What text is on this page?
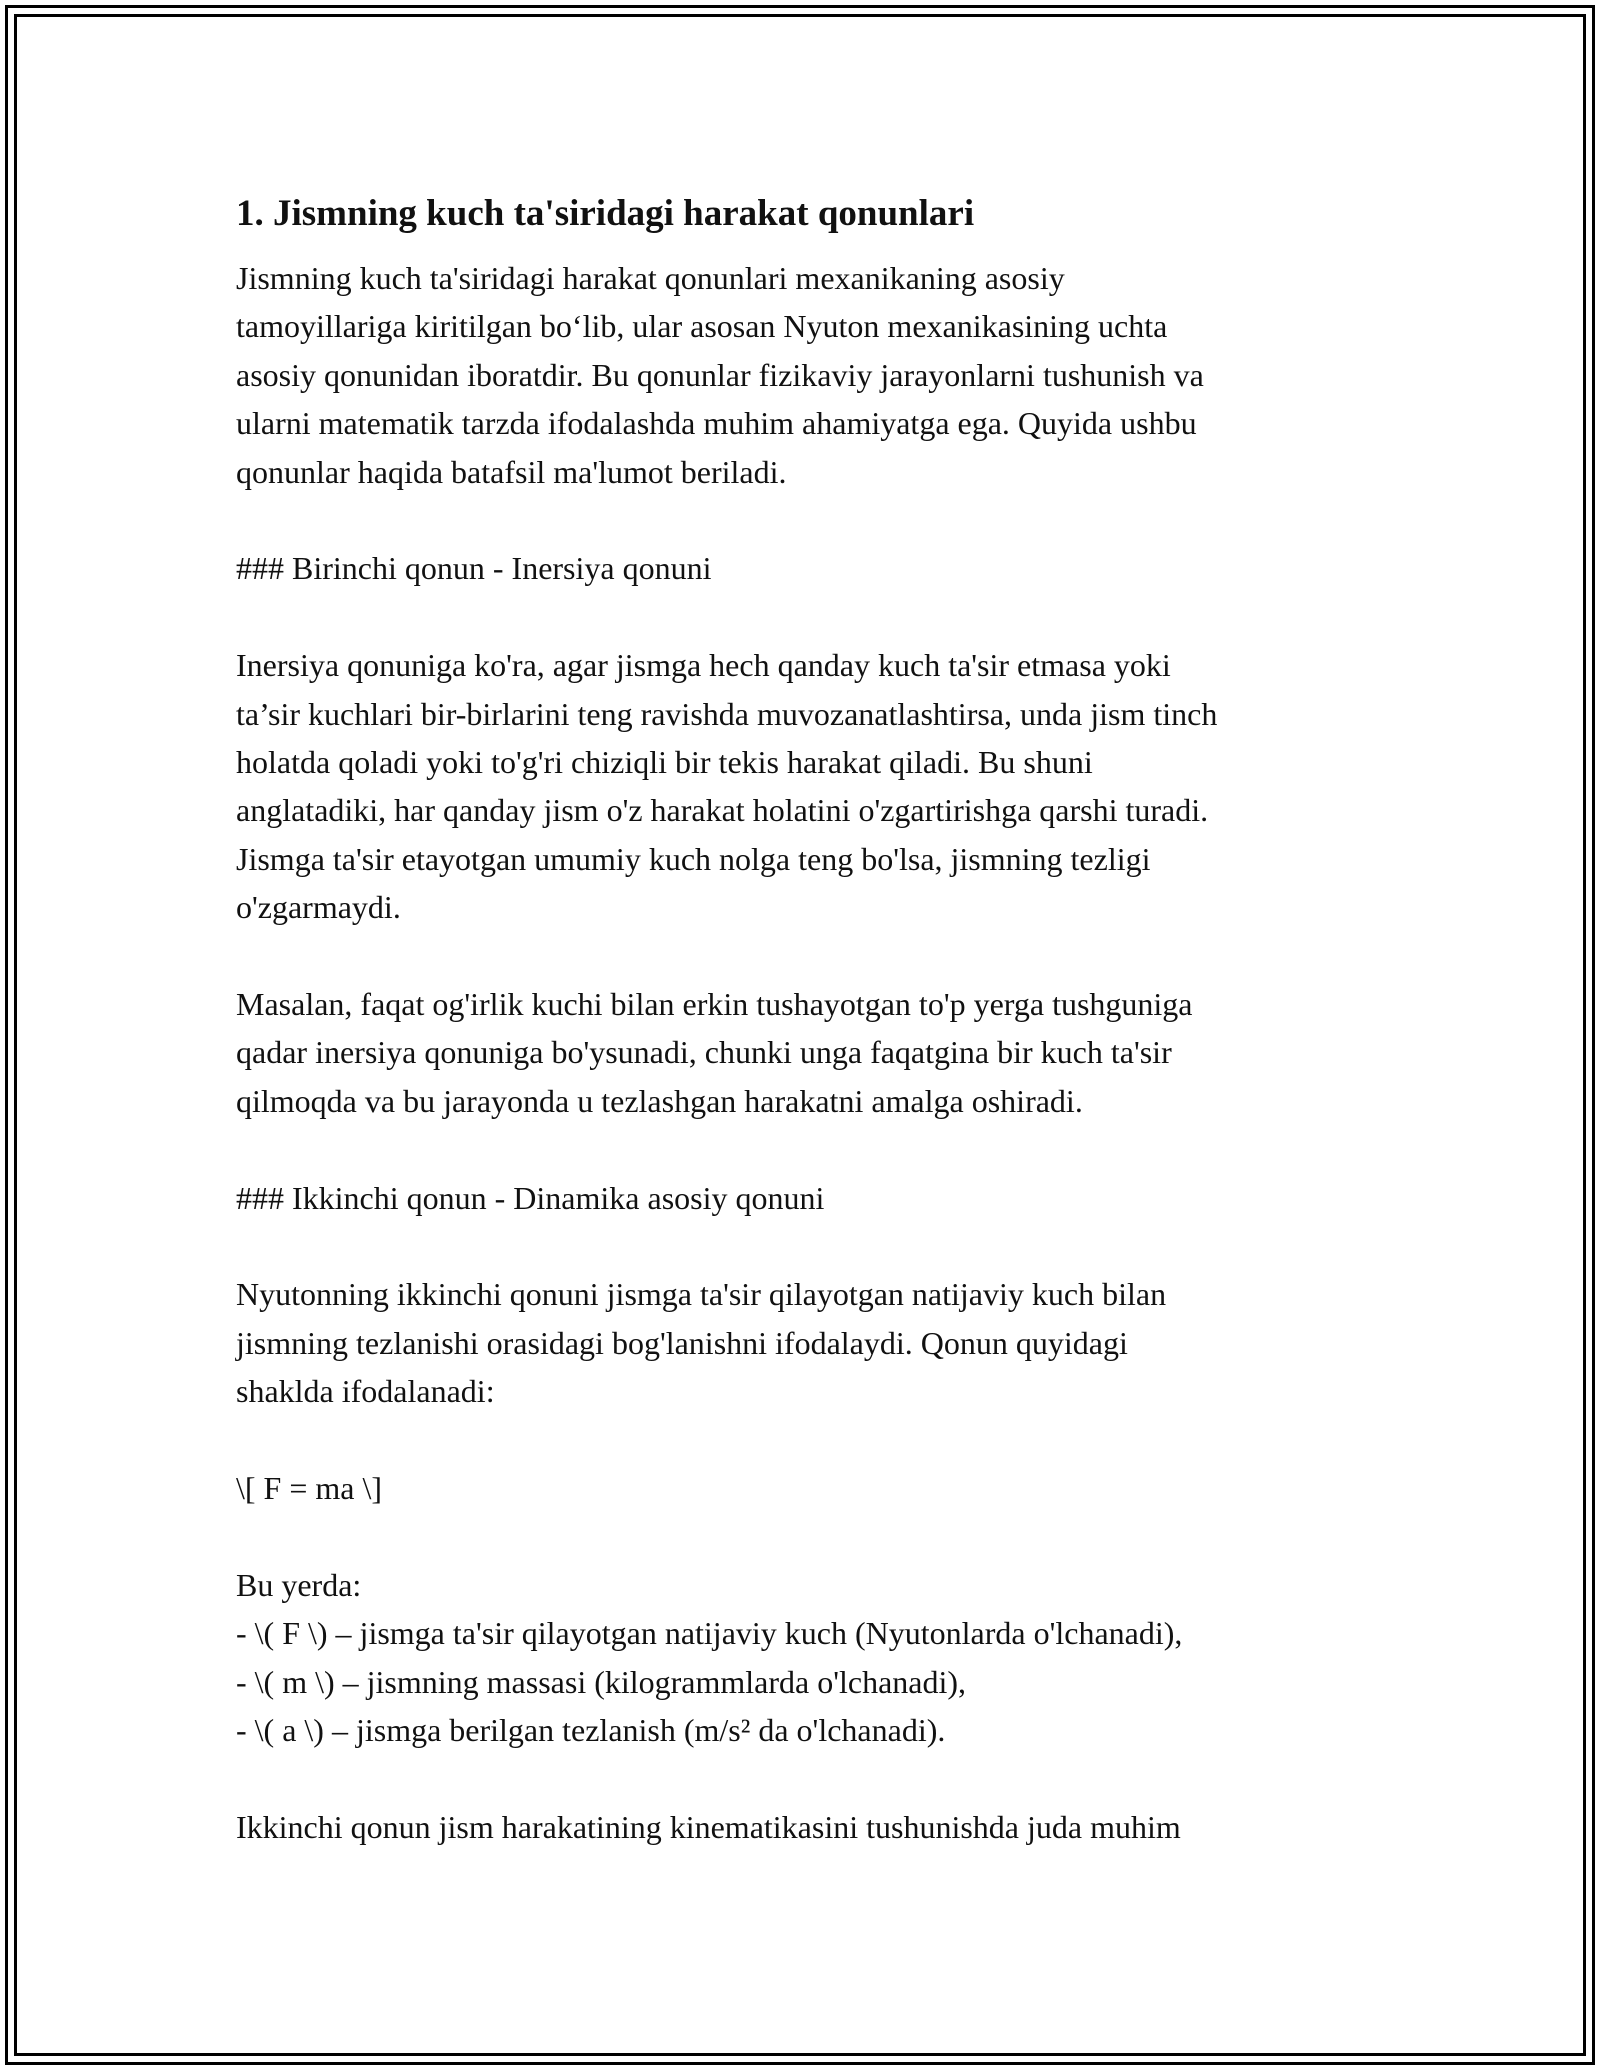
1. Jismning kuch ta'siridagi harakat qonunlari

Jismning kuch ta'siridagi harakat qonunlari mexanikaning asosiy
tamoyillariga kiritilgan bo‘lib, ular asosan Nyuton mexanikasining uchta
asosiy qonunidan iboratdir. Bu qonunlar fizikaviy jarayonlarni tushunish va
ularni matematik tarzda ifodalashda muhim ahamiyatga ega. Quyida ushbu
qonunlar haqida batafsil ma'lumot beriladi.

### Birinchi qonun - Inersiya qonuni

Inersiya qonuniga ko'ra, agar jismga hech qanday kuch ta'sir etmasa yoki
ta’sir kuchlari bir-birlarini teng ravishda muvozanatlashtirsa, unda jism tinch
holatda qoladi yoki to'g'ri chiziqli bir tekis harakat qiladi. Bu shuni
anglatadiki, har qanday jism o'z harakat holatini o'zgartirishga qarshi turadi.
Jismga ta'sir etayotgan umumiy kuch nolga teng bo'lsa, jismning tezligi
o'zgarmaydi.

Masalan, faqat og'irlik kuchi bilan erkin tushayotgan to'p yerga tushguniga
qadar inersiya qonuniga bo'ysunadi, chunki unga faqatgina bir kuch ta'sir
qilmoqda va bu jarayonda u tezlashgan harakatni amalga oshiradi.

### Ikkinchi qonun - Dinamika asosiy qonuni

Nyutonning ikkinchi qonuni jismga ta'sir qilayotgan natijaviy kuch bilan
jismning tezlanishi orasidagi bog'lanishni ifodalaydi. Qonun quyidagi
shaklda ifodalanadi:

\[ F = ma \]

Bu yerda:
- \( F \) – jismga ta'sir qilayotgan natijaviy kuch (Nyutonlarda o'lchanadi),
- \( m \) – jismning massasi (kilogrammlarda o'lchanadi),
- \( a \) – jismga berilgan tezlanish (m/s² da o'lchanadi).

Ikkinchi qonun jism harakatining kinematikasini tushunishda juda muhim
